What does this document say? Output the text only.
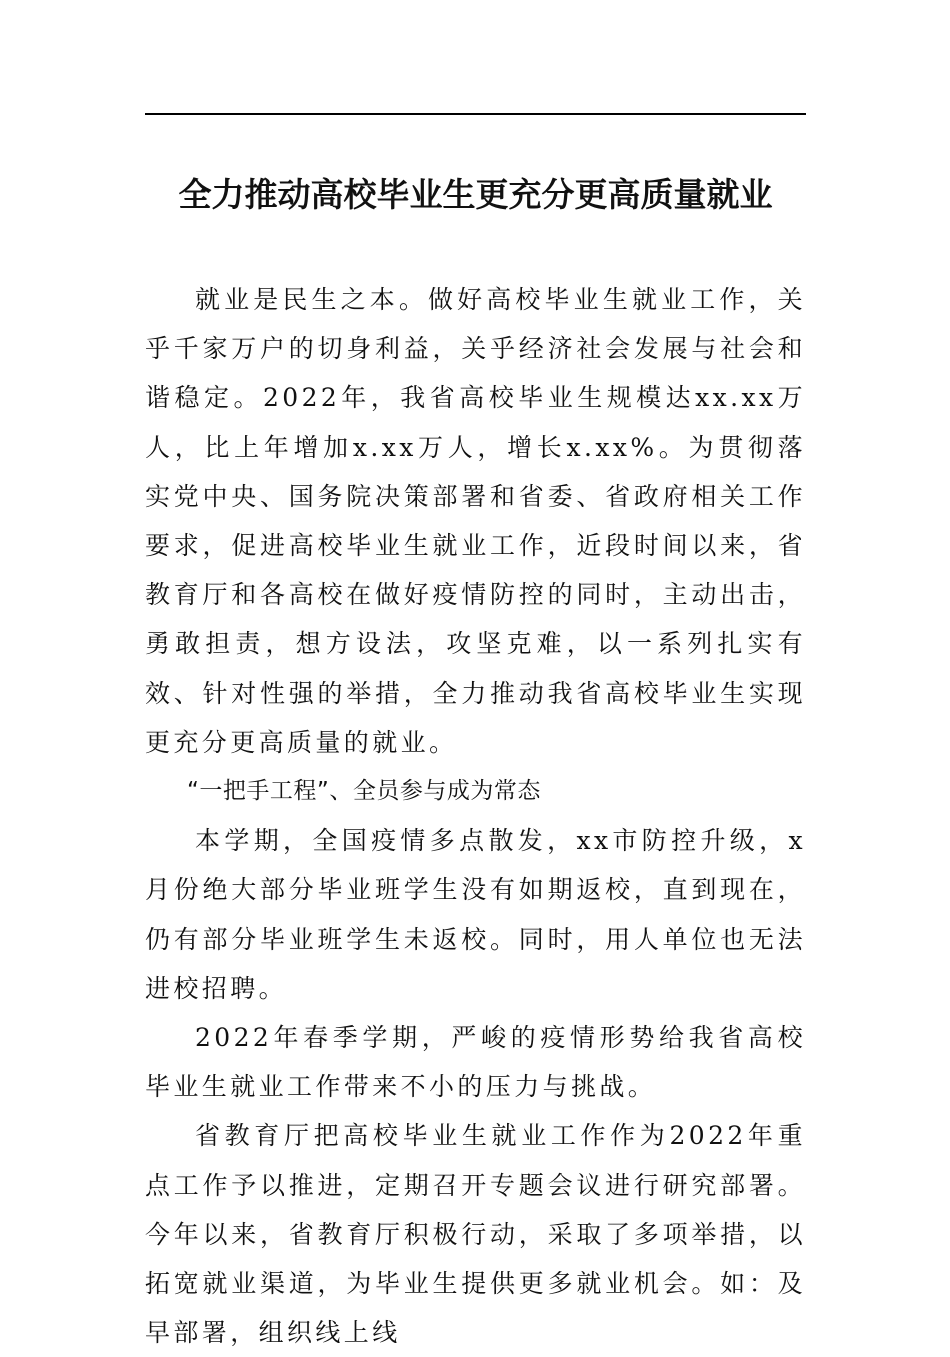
全力推动高校毕业生更充分更高质量就业

就业是民生之本。做好高校毕业生就业工作，关乎千家万户的切身利益，关乎经济社会发展与社会和谐稳定。2022年，我省高校毕业生规模达xx.xx万人，比上年增加x.xx万人，增长x.xx%。为贯彻落实党中央、国务院决策部署和省委、省政府相关工作要求，促进高校毕业生就业工作，近段时间以来，省教育厅和各高校在做好疫情防控的同时，主动出击，勇敢担责，想方设法，攻坚克难，以一系列扎实有效、针对性强的举措，全力推动我省高校毕业生实现更充分更高质量的就业。

“一把手工程”、全员参与成为常态

本学期，全国疫情多点散发，xx市防控升级，x月份绝大部分毕业班学生没有如期返校，直到现在，仍有部分毕业班学生未返校。同时，用人单位也无法进校招聘。

2022年春季学期，严峻的疫情形势给我省高校毕业生就业工作带来不小的压力与挑战。

省教育厅把高校毕业生就业工作作为2022年重点工作予以推进，定期召开专题会议进行研究部署。今年以来，省教育厅积极行动，采取了多项举措，以拓宽就业渠道，为毕业生提供更多就业机会。如：及早部署，组织线上线
